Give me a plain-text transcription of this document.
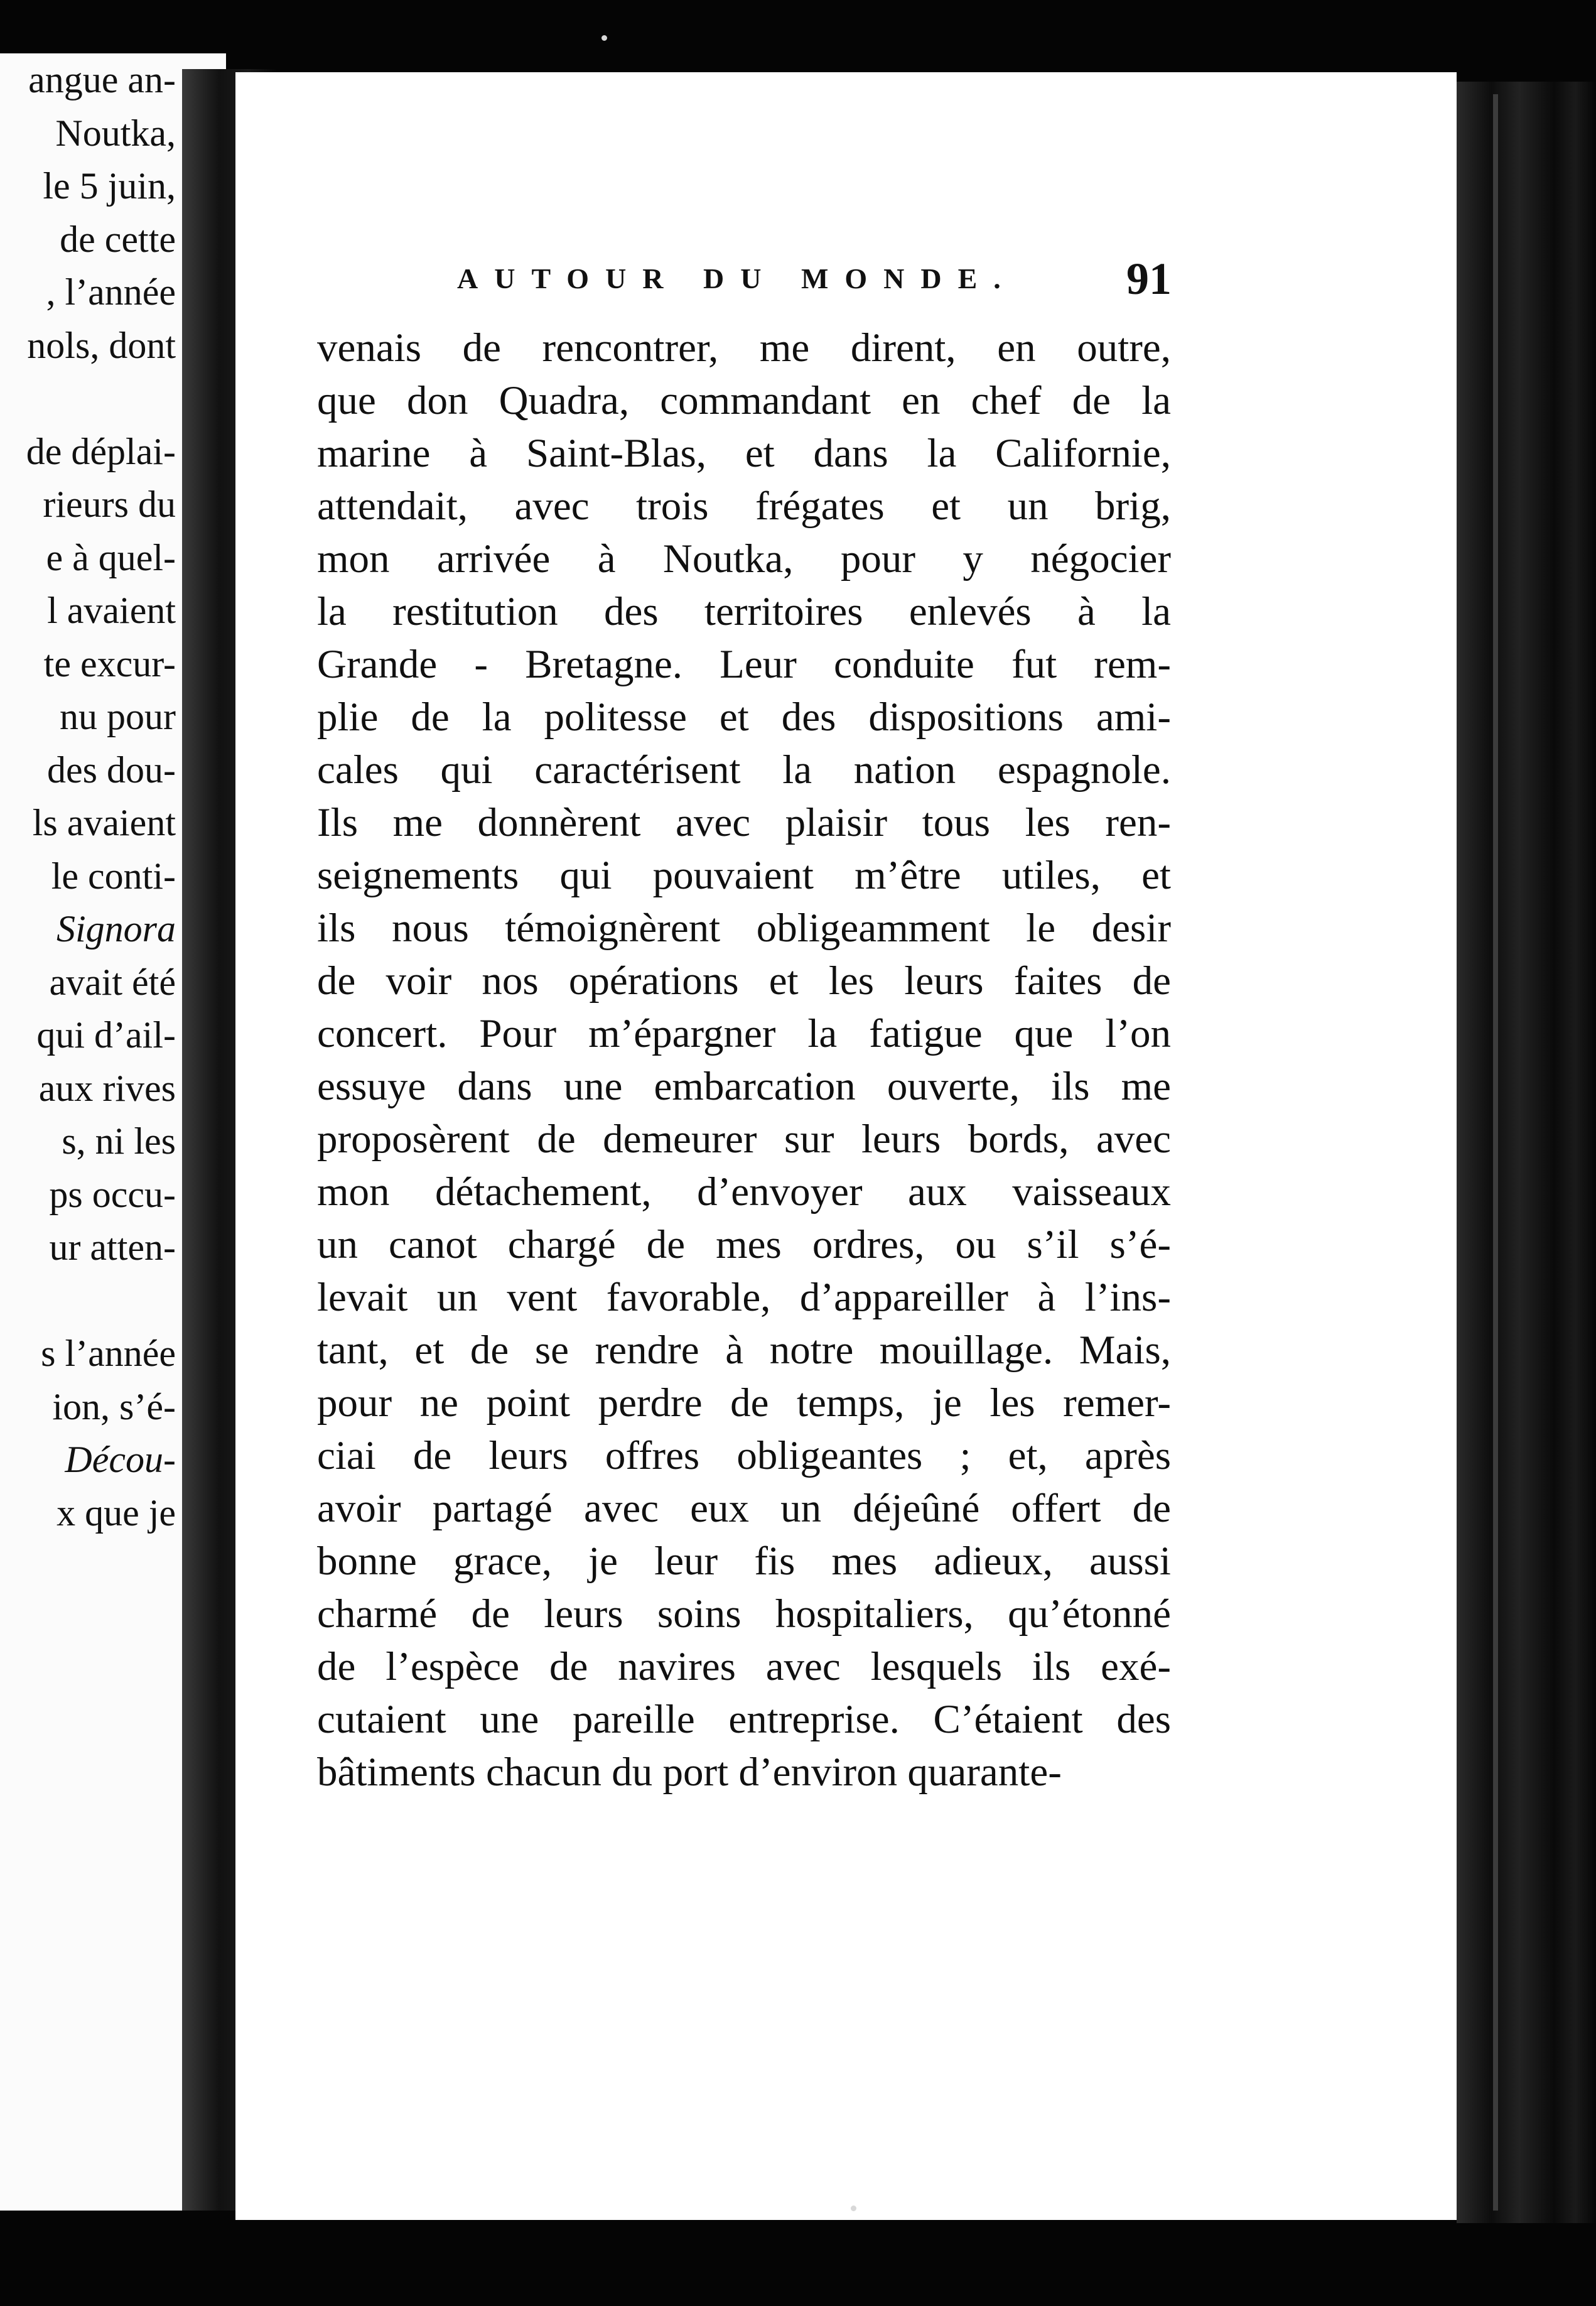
angue an-
Noutka,
le 5 juin,
de cette
, l’année
nols, dont
de déplai-
rieurs du
e à quel-
l avaient
te excur-
nu pour
des dou-
ls avaient
le conti-
Signora
avait été
qui d’ail-
aux rives
s, ni les
ps occu-
ur atten-
s l’année
ion, s’é-
Décou-
x que je
AUTOUR DU MONDE. 91
venais de rencontrer, me dirent, en outre,
que don Quadra, commandant en chef de la
marine à Saint-Blas, et dans la Californie,
attendait, avec trois frégates et un brig,
mon arrivée à Noutka, pour y négocier
la restitution des territoires enlevés à la
Grande - Bretagne. Leur conduite fut rem-
plie de la politesse et des dispositions ami-
cales qui caractérisent la nation espagnole.
Ils me donnèrent avec plaisir tous les ren-
seignements qui pouvaient m’être utiles, et
ils nous témoignèrent obligeamment le desir
de voir nos opérations et les leurs faites de
concert. Pour m’épargner la fatigue que l’on
essuye dans une embarcation ouverte, ils me
proposèrent de demeurer sur leurs bords, avec
mon détachement, d’envoyer aux vaisseaux
un canot chargé de mes ordres, ou s’il s’é-
levait un vent favorable, d’appareiller à l’ins-
tant, et de se rendre à notre mouillage. Mais,
pour ne point perdre de temps, je les remer-
ciai de leurs offres obligeantes ; et, après
avoir partagé avec eux un déjeûné offert de
bonne grace, je leur fis mes adieux, aussi
charmé de leurs soins hospitaliers, qu’étonné
de l’espèce de navires avec lesquels ils exé-
cutaient une pareille entreprise. C’étaient des
bâtiments chacun du port d’environ quarante-
